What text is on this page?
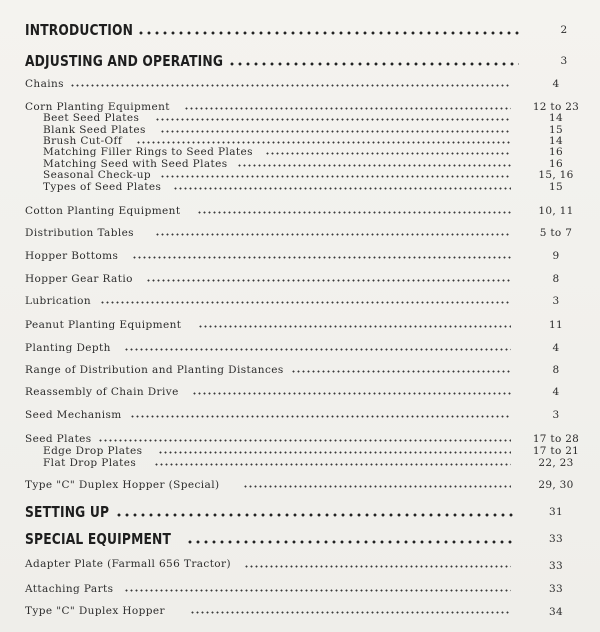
INTRODUCTION	2
ADJUSTING AND OPERATING	3
Chains	4
Corn Planting Equipment	12 to 23
Beet Seed Plates	14
Blank Seed Plates	15
Brush Cut-Off	14
Matching Filler Rings to Seed Plates	16
Matching Seed with Seed Plates	16
Seasonal Check-up	15, 16
Types of Seed Plates	15
Cotton Planting Equipment	10, 11
Distribution Tables	5 to 7
Hopper Bottoms	9
Hopper Gear Ratio	8
Lubrication	3
Peanut Planting Equipment	11
Planting Depth	4
Range of Distribution and Planting Distances	8
Reassembly of Chain Drive	4
Seed Mechanism	3
Seed Plates	17 to 28
Edge Drop Plates	17 to 21
Flat Drop Plates	22, 23
Type "C" Duplex Hopper (Special)	29, 30
SETTING UP	31
SPECIAL EQUIPMENT	33
Adapter Plate (Farmall 656 Tractor)	33
Attaching Parts	33
Type "C" Duplex Hopper	34
